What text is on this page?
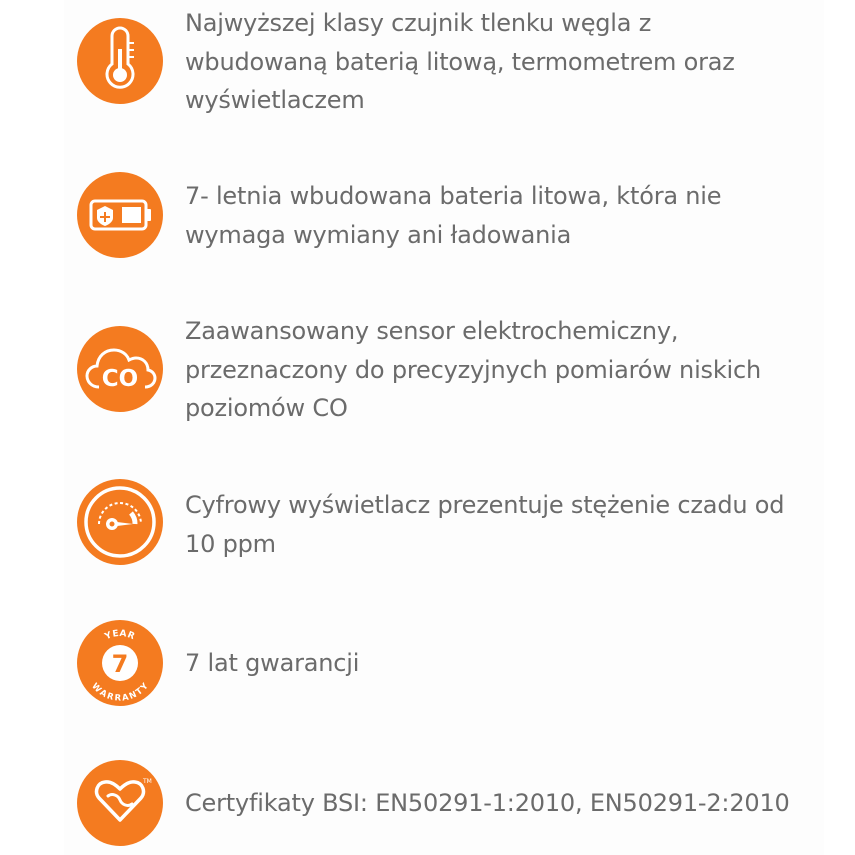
Najwyższej klasy czujnik tlenku węgla z
wbudowaną baterią litową, termometrem oraz
wyświetlaczem
7- letnia wbudowana bateria litowa, która nie
wymaga wymiany ani ładowania
CO
Zaawansowany sensor elektrochemiczny,
przeznaczony do precyzyjnych pomiarów niskich
poziomów CO
Cyfrowy wyświetlacz prezentuje stężenie czadu od
10 ppm
7
YEAR
WARRANTY
7 lat gwarancji
TM
Certyfikaty BSI: EN50291-1:2010, EN50291-2:2010
